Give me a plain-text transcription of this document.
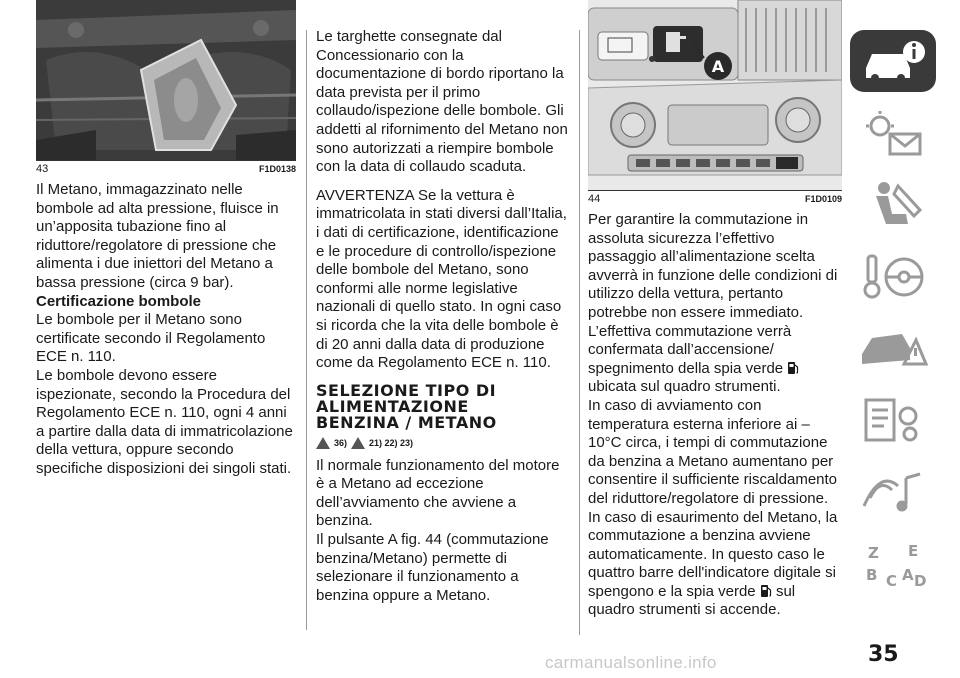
43	F1D0138

Il Metano, immagazzinato nelle bombole ad alta pressione, fluisce in un’apposita tubazione fino al riduttore/regolatore di pressione che alimenta i due iniettori del Metano a bassa pressione (circa 9 bar).

Certificazione bombole

Le bombole per il Metano sono certificate secondo il Regolamento ECE n. 110.

Le bombole devono essere ispezionate, secondo la Procedura del Regolamento ECE n. 110, ogni 4 anni a partire dalla data di immatricolazione della vettura, oppure secondo specifiche disposizioni dei singoli stati.

Le targhette consegnate dal Concessionario con la documentazione di bordo riportano la data prevista per il primo collaudo/ispezione delle bombole. Gli addetti al rifornimento del Metano non sono autorizzati a riempire bombole con la data di collaudo scaduta.

AVVERTENZA Se la vettura è immatricolata in stati diversi dall’Italia, i dati di certificazione, identificazione e le procedure di controllo/ispezione delle bombole del Metano, sono conformi alle norme legislative nazionali di quello stato. In ogni caso si ricorda che la vita delle bombole è di 20 anni dalla data di produzione come da Regolamento ECE n. 110.

SELEZIONE TIPO DI
ALIMENTAZIONE
BENZINA / METANO
36) 21) 22) 23)

Il normale funzionamento del motore è a Metano ad eccezione dell’avviamento che avviene a benzina.

Il pulsante A fig. 44 (commutazione benzina/Metano) permette di selezionare il funzionamento a benzina oppure a Metano.

A
44	F1D0109

Per garantire la commutazione in assoluta sicurezza l’effettivo passaggio all’alimentazione scelta avverrà in funzione delle condizioni di utilizzo della vettura, pertanto potrebbe non essere immediato.

L’effettiva commutazione verrà confermata dall’accensione/ spegnimento della spia verde  ubicata sul quadro strumenti.

In caso di avviamento con temperatura esterna inferiore ai –10°C circa, i tempi di commutazione da benzina a Metano aumentano per consentire il sufficiente riscaldamento del riduttore/regolatore di pressione.

In caso di esaurimento del Metano, la commutazione a benzina avviene automaticamente. In questo caso le quattro barre dell'indicatore digitale si spengono e la spia verde sul quadro strumenti si accende.

Z E
B C A D
35
carmanualsonline.info
